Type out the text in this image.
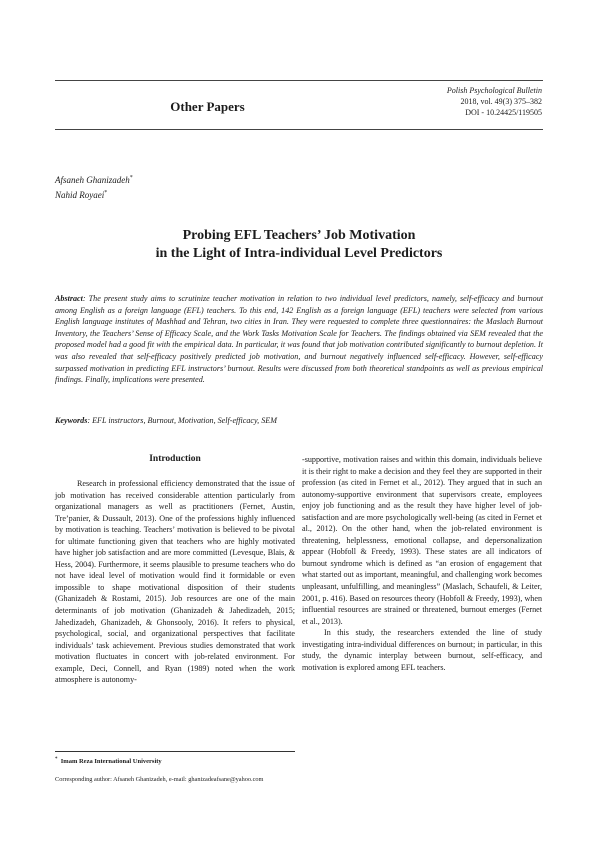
Other Papers
Polish Psychological Bulletin
2018, vol. 49(3) 375–382
DOI - 10.24425/119505
Afsaneh Ghanizadeh*
Nahid Royaei*
Probing EFL Teachers’ Job Motivation
in the Light of Intra-individual Level Predictors
Abstract: The present study aims to scrutinize teacher motivation in relation to two individual level predictors, namely, self-efficacy and burnout among English as a foreign language (EFL) teachers. To this end, 142 English as a foreign language (EFL) teachers were selected from various English language institutes of Mashhad and Tehran, two cities in Iran. They were requested to complete three questionnaires: the Maslach Burnout Inventory, the Teachers’ Sense of Efficacy Scale, and the Work Tasks Motivation Scale for Teachers. The findings obtained via SEM revealed that the proposed model had a good fit with the empirical data. In particular, it was found that job motivation contributed significantly to burnout depletion. It was also revealed that self-efficacy positively predicted job motivation, and burnout negatively influenced self-efficacy. However, self-efficacy surpassed motivation in predicting EFL instructors’ burnout. Results were discussed from both theoretical standpoints as well as previous empirical findings. Finally, implications were presented.
Keywords: EFL instructors, Burnout, Motivation, Self-efficacy, SEM
Introduction

Research in professional efficiency demonstrated that the issue of job motivation has received considerable attention particularly from organizational managers as well as practitioners (Fernet, Austin, Tre’panier, & Dussault, 2013). One of the professions highly influenced by motivation is teaching. Teachers’ motivation is believed to be pivotal for ultimate functioning given that teachers who are highly motivated have higher job satisfaction and are more committed (Levesque, Blais, & Hess, 2004). Furthermore, it seems plausible to presume teachers who do not have ideal level of motivation would find it formidable or even impossible to shape motivational disposition of their students (Ghanizadeh & Rostami, 2015). Job resources are one of the main determinants of job motivation (Ghanizadeh & Jahedizadeh, 2015; Jahedizadeh, Ghanizadeh, & Ghonsooly, 2016). It refers to physical, psychological, social, and organizational perspectives that facilitate individuals’ task achievement. Previous studies demonstrated that work motivation fluctuates in concert with job-related environment. For example, Deci, Connell, and Ryan (1989) noted when the work atmosphere is autonomy-

-supportive, motivation raises and within this domain, individuals believe it is their right to make a decision and they feel they are supported in their profession (as cited in Fernet et al., 2012). They argued that in such an autonomy-supportive environment that supervisors create, employees enjoy job functioning and as the result they have higher level of job-satisfaction and are more psychologically well-being (as cited in Fernet et al., 2012). On the other hand, when the job-related environment is threatening, helplessness, emotional collapse, and depersonalization appear (Hobfoll & Freedy, 1993). These states are all indicators of burnout syndrome which is defined as “an erosion of engagement that what started out as important, meaningful, and challenging work becomes unpleasant, unfulfilling, and meaningless” (Maslach, Schaufeli, & Leiter, 2001, p. 416). Based on resources theory (Hobfoll & Freedy, 1993), when influential resources are strained or threatened, burnout emerges (Fernet et al., 2013).

In this study, the researchers extended the line of study investigating intra-individual differences on burnout; in particular, in this study, the dynamic interplay between burnout, self-efficacy, and motivation is explored among EFL teachers.

* Imam Reza International University
Corresponding author: Afsaneh Ghanizadeh, e-mail: ghanizadeafsane@yahoo.com
